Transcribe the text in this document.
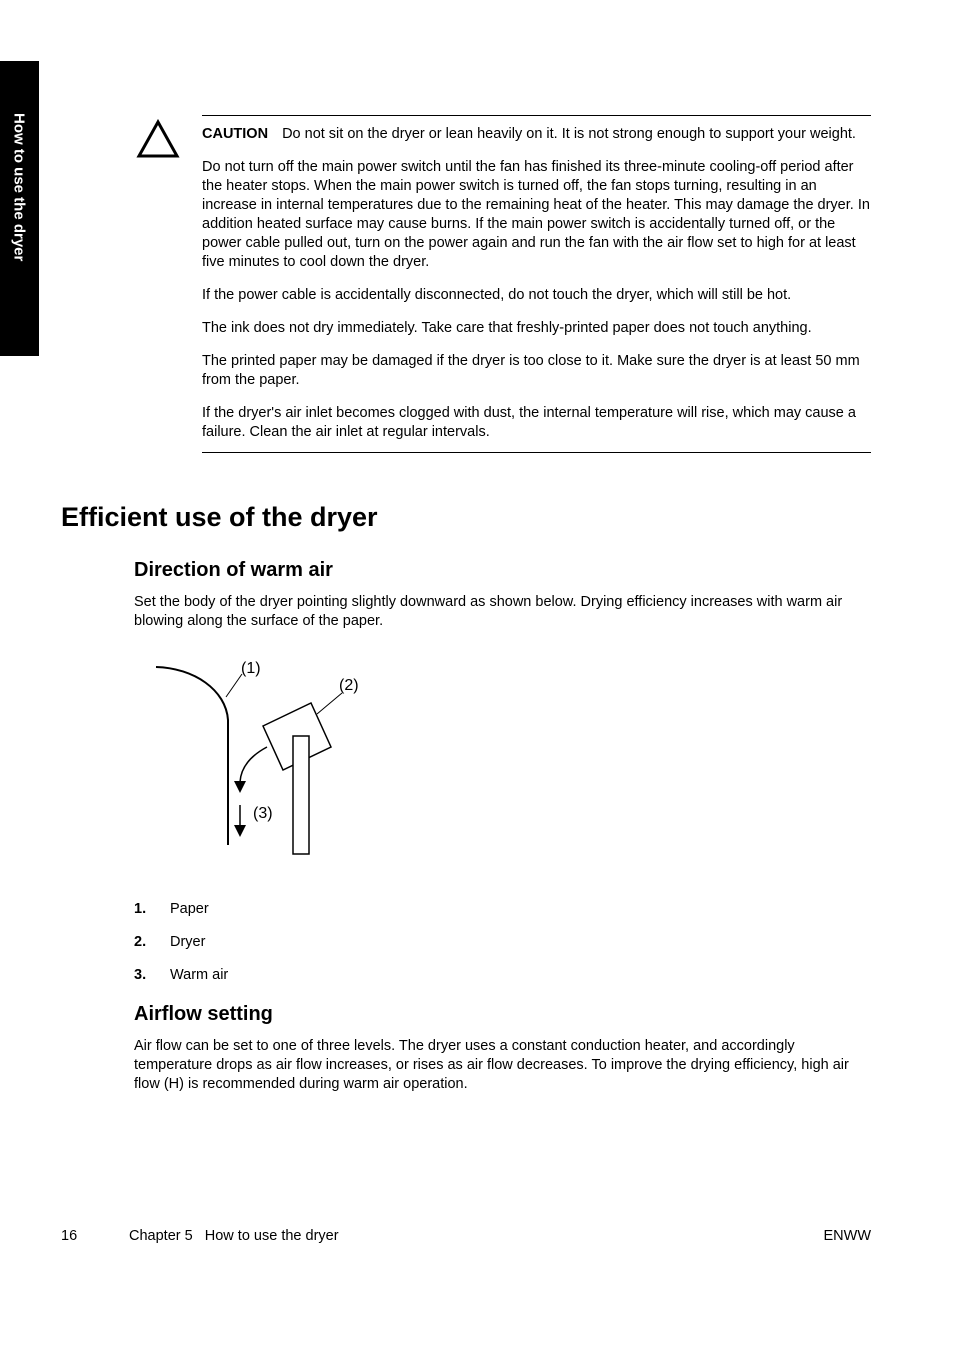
How to use the dryer	CAUTION Do not sit on the dryer or lean heavily on it. It is not strong enough to support your weight.

Do not turn off the main power switch until the fan has finished its three-minute cooling-off period after the heater stops. When the main power switch is turned off, the fan stops turning, resulting in an increase in internal temperatures due to the remaining heat of the heater. This may damage the dryer. In addition heated surface may cause burns. If the main power switch is accidentally turned off, or the power cable pulled out, turn on the power again and run the fan with the air flow set to high for at least five minutes to cool down the dryer.

If the power cable is accidentally disconnected, do not touch the dryer, which will still be hot.

The ink does not dry immediately. Take care that freshly-printed paper does not touch anything.

The printed paper may be damaged if the dryer is too close to it. Make sure the dryer is at least 50 mm from the paper.

If the dryer's air inlet becomes clogged with dust, the internal temperature will rise, which may cause a failure. Clean the air inlet at regular intervals.

Efficient use of the dryer
Direction of warm air

Set the body of the dryer pointing slightly downward as shown below. Drying efficiency increases with warm air blowing along the surface of the paper.

(1)
(2)
(3)
1. Paper
2. Dryer
3. Warm air
Airflow setting

Air flow can be set to one of three levels. The dryer uses a constant conduction heater, and accordingly temperature drops as air flow increases, or rises as air flow decreases. To improve the drying efficiency, high air flow (H) is recommended during warm air operation.

16	Chapter 5   How to use the dryer	ENWW
